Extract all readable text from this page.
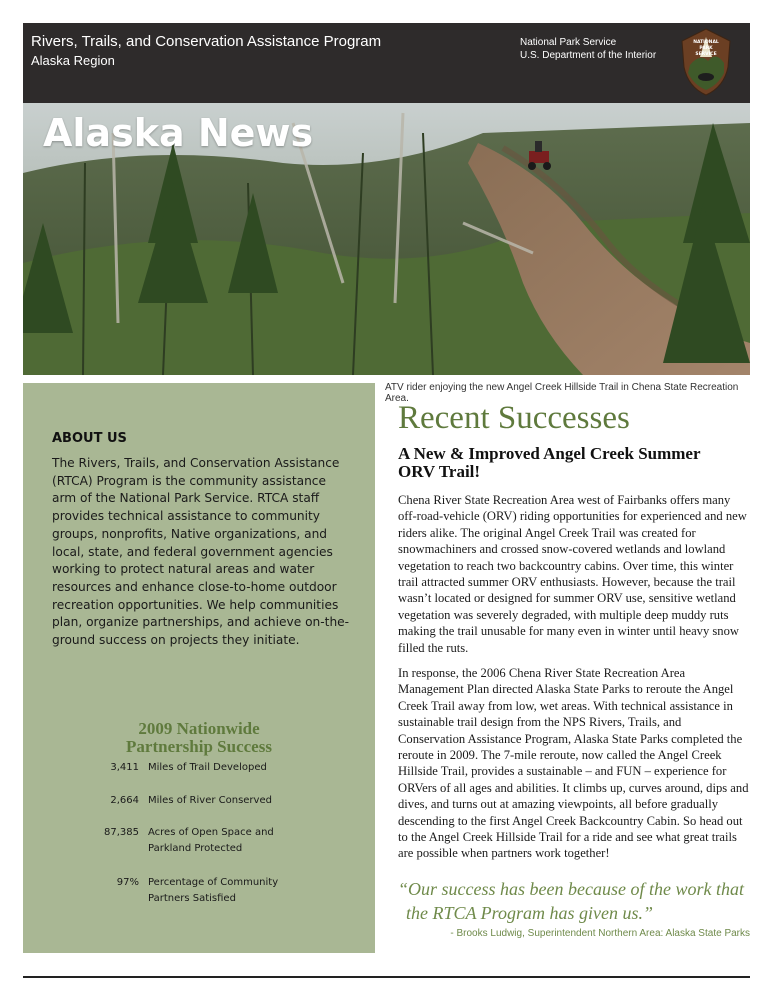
Rivers, Trails, and Conservation Assistance Program
Alaska Region
National Park Service
U.S. Department of the Interior
NATIONAL
PARK
SERVICE
Alaska News
ATV rider enjoying the new Angel Creek Hillside Trail in Chena State Recreation Area.
ABOUT US
The Rivers, Trails, and Conservation Assistance (RTCA) Program is the community assistance arm of the National Park Service. RTCA staff provides technical assistance to community groups, nonprofits, Native organizations, and local, state, and federal government agencies working to protect natural areas and water resources and enhance close-to-home outdoor recreation opportunities. We help communities plan, organize partnerships, and achieve on-the-ground success on projects they initiate.
2009 Nationwide
Partnership Success
3,411 Miles of Trail Developed

2,664 Miles of River Conserved

87,385 Acres of Open Space and
Parkland Protected
97% Percentage of Community
Partners Satisfied
Recent Successes
A New & Improved Angel Creek Summer ORV Trail!
Chena River State Recreation Area west of Fairbanks offers many off-road-vehicle (ORV) riding opportunities for experienced and new riders alike. The original Angel Creek Trail was created for snowmachiners and crossed snow-covered wetlands and lowland vegetation to reach two backcountry cabins. Over time, this winter trail attracted summer ORV enthusiasts. However, because the trail wasn’t located or designed for summer ORV use, sensitive wetland vegetation was severely degraded, with multiple deep muddy ruts making the trail unusable for many even in winter until heavy snow filled the ruts.
In response, the 2006 Chena River State Recreation Area Management Plan directed Alaska State Parks to reroute the Angel Creek Trail away from low, wet areas. With technical assistance in sustainable trail design from the NPS Rivers, Trails, and Conservation Assistance Program, Alaska State Parks completed the reroute in 2009. The 7-mile reroute, now called the Angel Creek Hillside Trail, provides a sustainable – and FUN – experience for ORVers of all ages and abilities. It climbs up, curves around, dips and dives, and turns out at amazing viewpoints, all before gradually descending to the first Angel Creek Backcountry Cabin. So head out to the Angel Creek Hillside Trail for a ride and see what great trails are possible when partners work together!
“Our success has been because of the work that
the RTCA Program has given us.”
- Brooks Ludwig, Superintendent Northern Area: Alaska State Parks
